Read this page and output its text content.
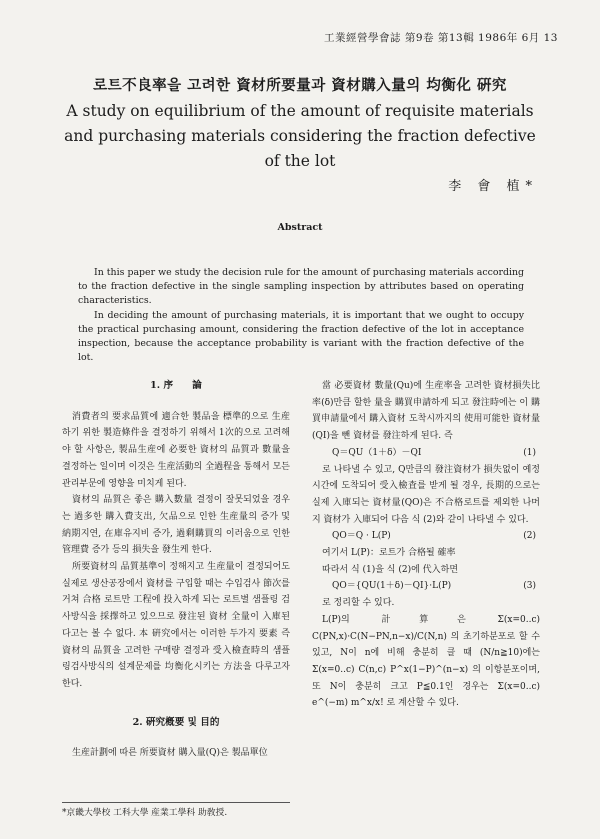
工業經營學會誌 第9卷 第13輯 1986年 6月 13
로트不良率을 고려한 資材所要量과 資材購入量의 均衡化 硏究
A study on equilibrium of the amount of requisite materials and purchasing materials considering the fraction defective of the lot
李 會 植*
Abstract

In this paper we study the decision rule for the amount of purchasing materials according to the fraction defective in the single sampling inspection by attributes based on operating characteristics.

In deciding the amount of purchasing materials, it is important that we ought to occupy the practical purchasing amount, considering the fraction defective of the lot in acceptance inspection, because the acceptance probability is variant with the fraction defective of the lot.

1. 序　　論

消費者의 要求品質에 適合한 製品을 標準的으로 生産하기 위한 製造條件을 결정하기 위해서 1次的으로 고려해야 할 사항은, 製品生産에 必要한 資材의 品質과 數量을 결정하는 일이며 이것은 生産活動의 全過程을 통해서 모든 관리부문에 영향을 미치게 된다.

資材의 品質은 좋은 購入數量 결정이 잘못되었을 경우는 過多한 購入費支出, 欠品으로 인한 生産量의 증가 및 納期지연, 在庫유지비 증가, 過剩購買의 이러움으로 인한 管理費 증가 등의 損失을 發生케 한다.

所要資材의 品質基準이 정해지고 生産量이 결정되어도 실제로 생산공장에서 資材를 구입할 때는 수입검사 節次를 거쳐 合格 로트만 工程에 投入하게 되는 로트별 샘플링 검사방식을 採擇하고 있으므로 發注된 資材 全量이 入庫된다고는 볼 수 없다. 本 硏究에서는 이러한 두가지 要素 즉 資材의 品質을 고려한 구매량 결정과 受入檢査時의 샘플링검사방식의 설계문제를 均衡化시키는 方法을 다루고자 한다.

2. 硏究槪要 및 目的

生産計劃에 따른 所要資材 購入量(Q)은 製品單位

當 必要資材 數量(Qu)에 生産率을 고려한 資材損失比率(δ)만큼 할한 量을 購買申請하게 되고 發注時에는 이 購買申請量에서 購入資材 도착시까지의 使用可能한 資材量(QI)을 뺀 資材를 發注하게 된다. 즉

Q＝QU（1＋δ）－QI	(1)

로 나타낼 수 있고, Q만큼의 發注資材가 損失없이 예정시간에 도착되어 受入檢査를 받게 될 경우, 長期的으로는 실제 入庫되는 資材量(QO)은 不合格로트를 제외한 나머지 資材가 入庫되어 다음 식 (2)와 같이 나타낼 수 있다.

QO＝Q · L(P)	(2)

여기서 L(P)：로트가 合格될 確率

따라서 식 (1)을 식 (2)에 代入하면

QO＝{QU(1＋δ)－QI}·L(P)	(3)

로 정리할 수 있다.

L(P)의 計算은 Σ(x=0..c) C(PN,x)·C(N−PN,n−x)/C(N,n) 의 초기하분포로 할 수 있고, N이 n에 비해 충분히 클 때 (N/n≧10)에는 Σ(x=0..c) C(n,c) P^x(1−P)^(n−x) 의 이항분포이며, 또 N이 충분히 크고 P≦0.1인 경우는 Σ(x=0..c) e^(−m) m^x/x! 로 계산할 수 있다.

*京畿大學校 工科大學 産業工學科 助敎授.
